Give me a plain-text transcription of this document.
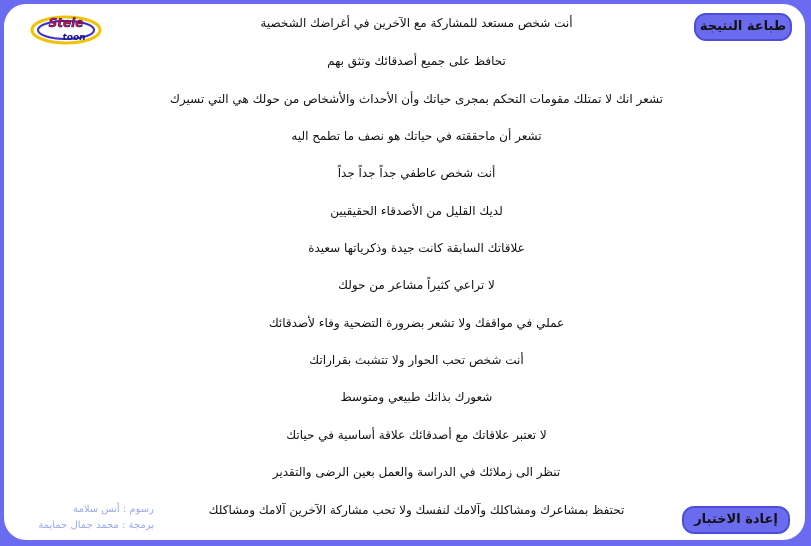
Stele
toon
طباعة النتيجة
إعادة الاختبار
أنت شخص مستعد للمشاركة مع الآخرين في أغراضك الشخصية
تحافظ على جميع أصدقائك وتثق بهم
تشعر انك لا تمتلك مقومات التحكم بمجرى حياتك وأن الأحداث والأشخاص من حولك هي التي تسيرك
تشعر أن ماحققته في حياتك هو نصف ما تطمح اليه
أنت شخص عاطفي جداً جداً جداً
لديك القليل من الأصدقاء الحقيقيين
علاقاتك السابقة كانت جيدة وذكرياتها سعيدة
لا تراعي كثيراً مشاعر من حولك
عملي في مواقفك ولا تشعر بضرورة التضحية وفاء لأصدقائك
أنت شخص تحب الحوار ولا تتشبث بقراراتك
شعورك بذاتك طبيعي ومتوسط
لا تعتبر علاقاتك مع أصدقائك علاقة أساسية في حياتك
تنظر الى زملائك في الدراسة والعمل بعين الرضى والتقدير
تحتفظ بمشاعرك ومشاكلك وآلامك لنفسك ولا تحب مشاركة الآخرين آلامك ومشاكلك
رسوم : أنس سلامة
برمجة : محمد جمال حمايمة
